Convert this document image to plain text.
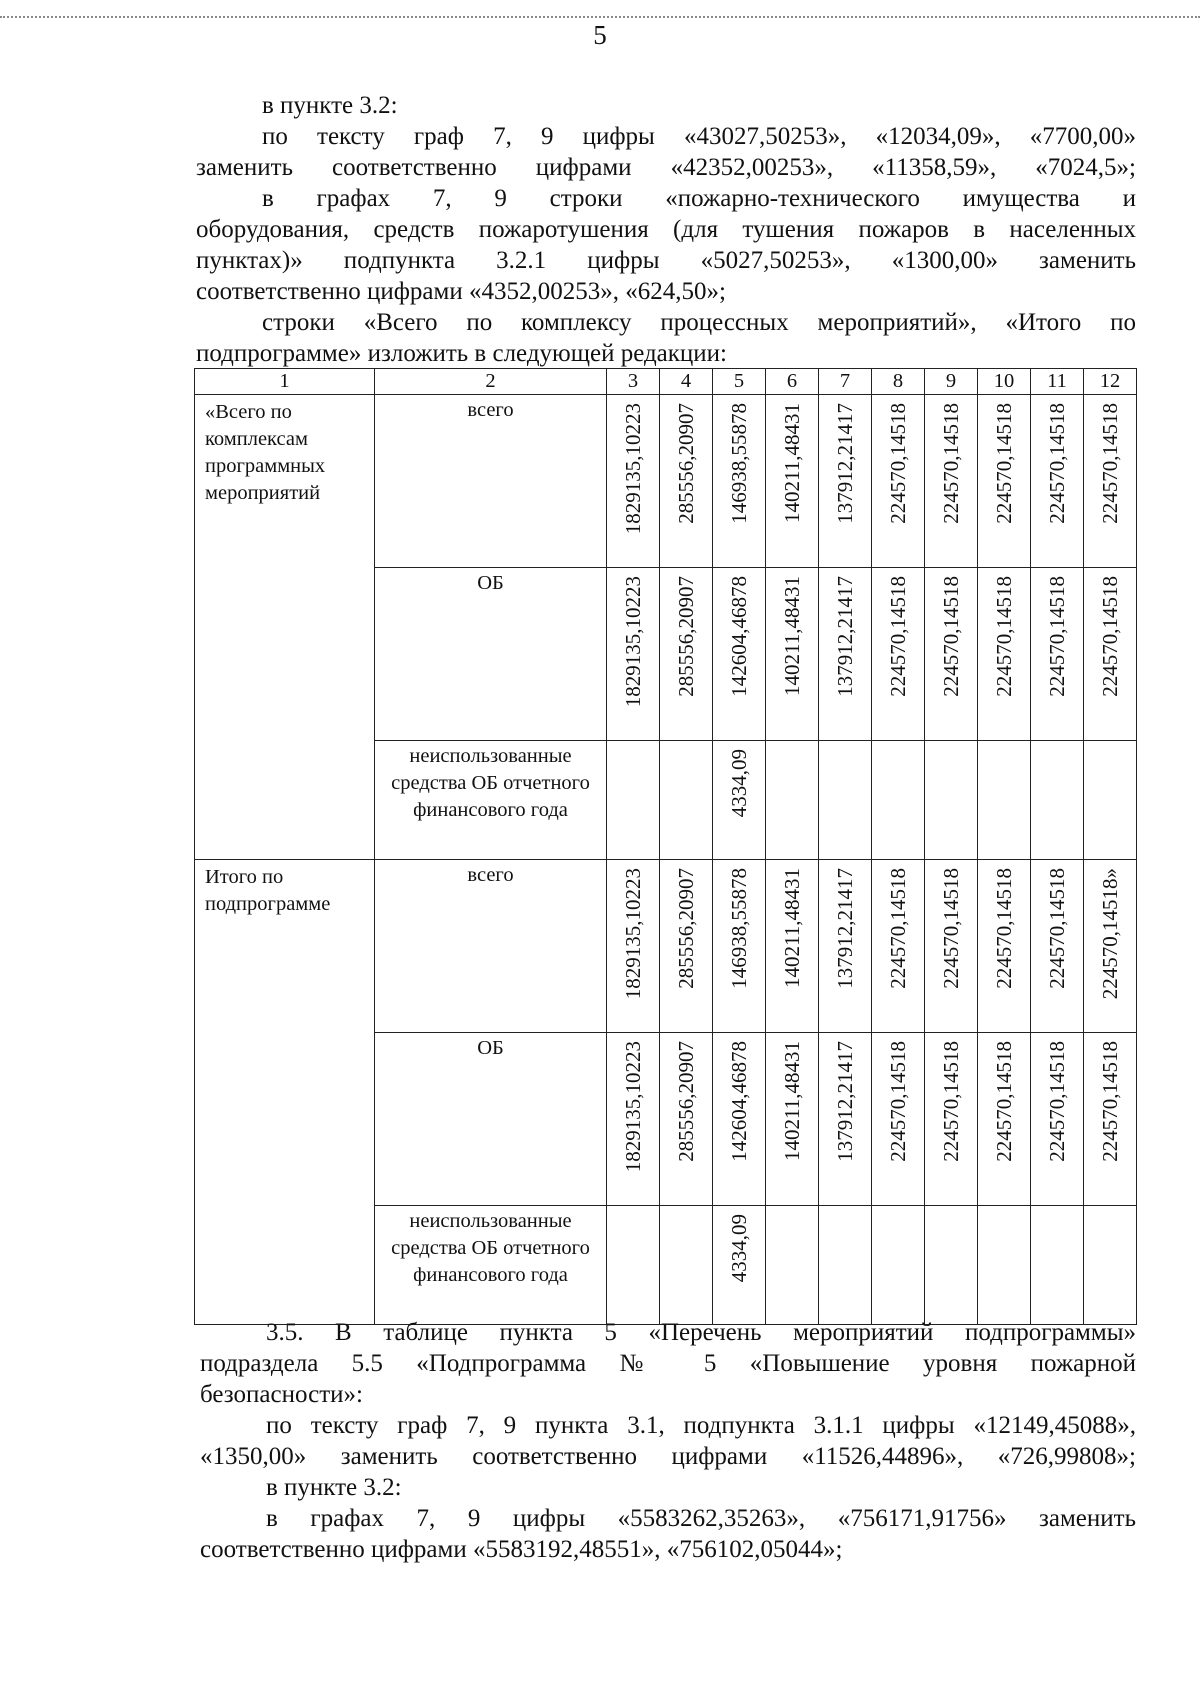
5
в пункте 3.2:
по тексту граф 7, 9 цифры «43027,50253», «12034,09», «7700,00»
заменить соответственно цифрами «42352,00253», «11358,59», «7024,5»;
в графах 7, 9 строки «пожарно-технического имущества и
оборудования, средств пожаротушения (для тушения пожаров в населенных
пунктах)» подпункта 3.2.1 цифры «5027,50253», «1300,00» заменить
соответственно цифрами «4352,00253», «624,50»;
строки «Всего по комплексу процессных мероприятий», «Итого по
подпрограмме» изложить в следующей редакции:
1	2	3	4	5	6	7	8	9	10	11	12
«Всего по комплексам программных мероприятий	всего	1829135,10223	285556,20907	146938,55878	140211,48431	137912,21417	224570,14518	224570,14518	224570,14518	224570,14518	224570,14518

	ОБ	1829135,10223	285556,20907	142604,46878	140211,48431	137912,21417	224570,14518	224570,14518	224570,14518	224570,14518	224570,14518

	неиспользованные средства ОБ отчетного финансового года			4334,09							

Итого по подпрограмме	всего	1829135,10223	285556,20907	146938,55878	140211,48431	137912,21417	224570,14518	224570,14518	224570,14518	224570,14518	224570,14518»

	ОБ	1829135,10223	285556,20907	142604,46878	140211,48431	137912,21417	224570,14518	224570,14518	224570,14518	224570,14518	224570,14518

	неиспользованные средства ОБ отчетного финансового года			4334,09							

3.5. В таблице пункта 5 «Перечень мероприятий подпрограммы»
подраздела 5.5 «Подпрограмма № 5 «Повышение уровня пожарной
безопасности»:
по тексту граф 7, 9 пункта 3.1, подпункта 3.1.1 цифры «12149,45088»,
«1350,00» заменить соответственно цифрами «11526,44896», «726,99808»;
в пункте 3.2:
в графах 7, 9 цифры «5583262,35263», «756171,91756» заменить
соответственно цифрами «5583192,48551», «756102,05044»;
